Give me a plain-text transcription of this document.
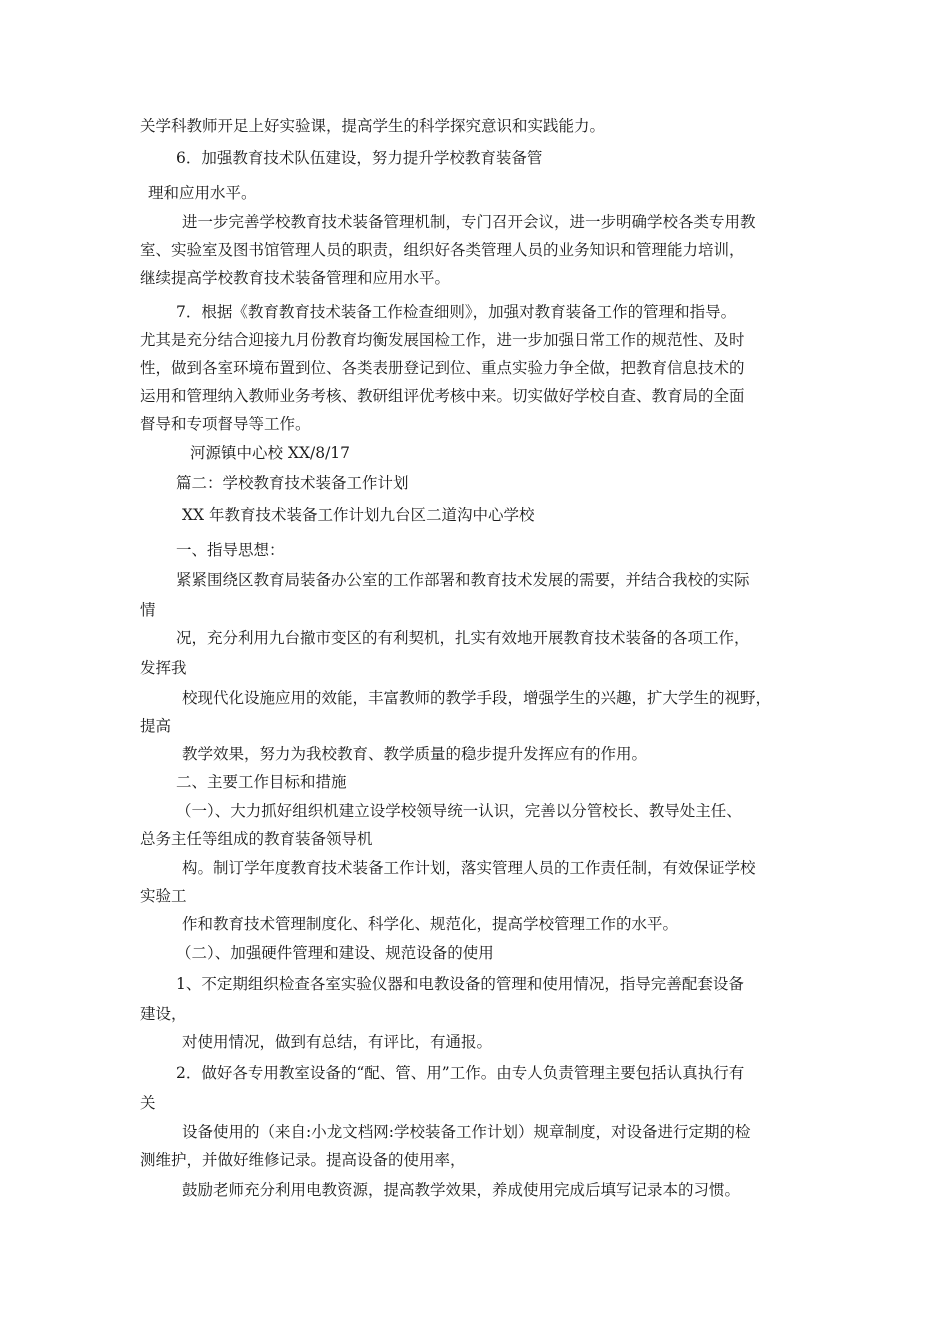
关学科教师开足上好实验课，提高学生的科学探究意识和实践能力。
6．加强教育技术队伍建设，努力提升学校教育装备管
理和应用水平。
进一步完善学校教育技术装备管理机制，专门召开会议，进一步明确学校各类专用教
室、实验室及图书馆管理人员的职责，组织好各类管理人员的业务知识和管理能力培训，
继续提高学校教育技术装备管理和应用水平。
7．根据《教育教育技术装备工作检查细则》，加强对教育装备工作的管理和指导。
尤其是充分结合迎接九月份教育均衡发展国检工作，进一步加强日常工作的规范性、及时
性，做到各室环境布置到位、各类表册登记到位、重点实验力争全做，把教育信息技术的
运用和管理纳入教师业务考核、教研组评优考核中来。切实做好学校自查、教育局的全面
督导和专项督导等工作。
河源镇中心校 XX/8/17
篇二：学校教育技术装备工作计划
XX 年教育技术装备工作计划九台区二道沟中心学校
一、指导思想：
紧紧围绕区教育局装备办公室的工作部署和教育技术发展的需要，并结合我校的实际
情
况，充分利用九台撤市变区的有利契机，扎实有效地开展教育技术装备的各项工作，
发挥我
校现代化设施应用的效能，丰富教师的教学手段，增强学生的兴趣，扩大学生的视野，
提高
教学效果，努力为我校教育、教学质量的稳步提升发挥应有的作用。
二、主要工作目标和措施
（一）、大力抓好组织机建立设学校领导统一认识，完善以分管校长、教导处主任、
总务主任等组成的教育装备领导机
构。制订学年度教育技术装备工作计划，落实管理人员的工作责任制，有效保证学校
实验工
作和教育技术管理制度化、科学化、规范化，提高学校管理工作的水平。
（二）、加强硬件管理和建设、规范设备的使用
1、不定期组织检查各室实验仪器和电教设备的管理和使用情况，指导完善配套设备
建设，
对使用情况，做到有总结，有评比，有通报。
2．做好各专用教室设备的“配、管、用”工作。由专人负责管理主要包括认真执行有
关
设备使用的（来自:小龙文档网:学校装备工作计划）规章制度，对设备进行定期的检
测维护，并做好维修记录。提高设备的使用率，
鼓励老师充分利用电教资源，提高教学效果，养成使用完成后填写记录本的习惯。
